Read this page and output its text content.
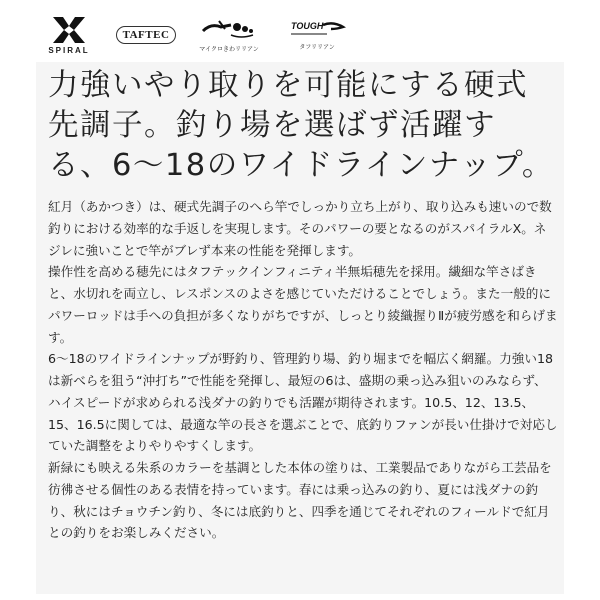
SPIRAL
TAFTEC
マイクロきわリリアン
TOUGH
タフリリアン
力強いやり取りを可能にする硬式先調子。釣り場を選ばず活躍する、6〜18のワイドラインナップ。

紅月（あかつき）は、硬式先調子のへら竿でしっかり立ち上がり、取り込みも速いので数釣りにおける効率的な手返しを実現します。そのパワーの要となるのがスパイラルX。ネジレに強いことで竿がブレず本来の性能を発揮します。

操作性を高める穂先にはタフテックインフィニティ半無垢穂先を採用。繊細な竿さばきと、水切れを両立し、レスポンスのよさを感じていただけることでしょう。また一般的にパワーロッドは手への負担が多くなりがちですが、しっとり綾織握りⅡが疲労感を和らげます。

6〜18のワイドラインナップが野釣り、管理釣り場、釣り堀までを幅広く網羅。力強い18は新べらを狙う“沖打ち”で性能を発揮し、最短の6は、盛期の乗っ込み狙いのみならず、ハイスピードが求められる浅ダナの釣りでも活躍が期待されます。10.5、12、13.5、15、16.5に関しては、最適な竿の長さを選ぶことで、底釣りファンが長い仕掛けで対応していた調整をよりやりやすくします。

新緑にも映える朱系のカラーを基調とした本体の塗りは、工業製品でありながら工芸品を彷彿させる個性のある表情を持っています。春には乗っ込みの釣り、夏には浅ダナの釣り、秋にはチョウチン釣り、冬には底釣りと、四季を通じてそれぞれのフィールドで紅月との釣りをお楽しみください。
